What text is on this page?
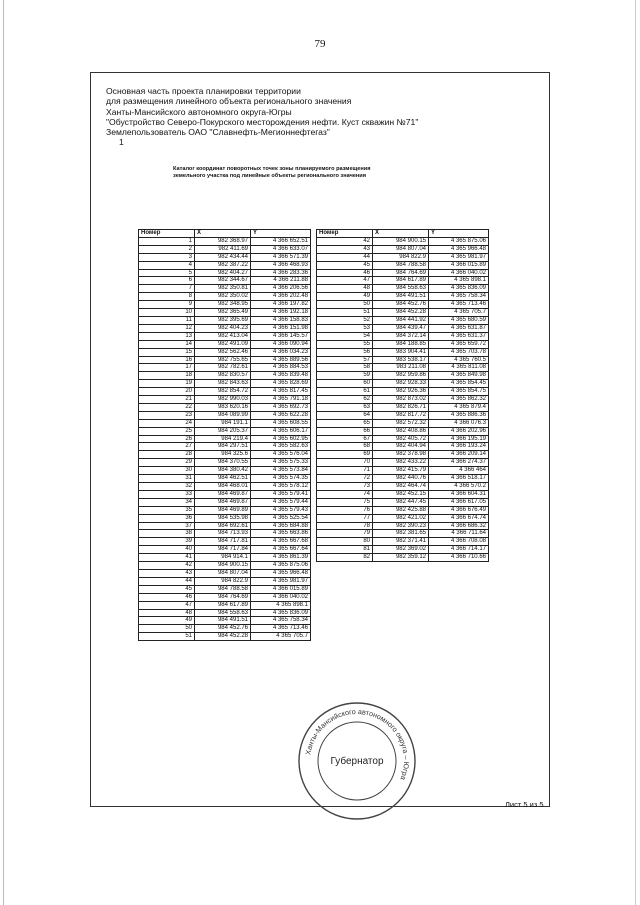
79
Основная часть проекта планировки территории
для размещения линейного объекта регионального значения
Ханты-Мансийского автономного округа-Югры
"Обустройство Северо-Покурского месторождения нефти. Куст скважин №71"
Землепользователь ОАО "Славнефть-Мегионнефтегаз"
1
Каталог координат поворотных точек зоны планируемого размещения
земельного участка под линейные объекты регионального значения
Номер	X	Y
1	982 368.97	4 366 652.51
2	982 411.69	4 366 633.07
3	982 434.44	4 366 571.39
4	982 387.22	4 366 468.93
5	982 404.27	4 366 283.36
6	982 344.67	4 366 211.88
7	982 350.81	4 366 206.56
8	982 350.02	4 366 202.48
9	982 348.95	4 366 197.82
10	982 365.49	4 366 192.18
11	982 395.69	4 366 158.83
12	982 404.23	4 366 151.98
13	982 413.04	4 366 145.57
14	982 491.09	4 366 090.94
15	982 562.46	4 366 034.23
16	982 755.65	4 365 889.56
17	982 782.61	4 365 884.53
18	982 830.57	4 365 839.48
19	982 843.63	4 365 828.69
20	982 854.72	4 365 817.45
21	982 990.03	4 365 791.18
22	983 620.16	4 365 692.73
23	984 089.99	4 365 622.28
24	984 191.1	4 365 608.55
25	984 205.37	4 365 606.17
26	984 219.4	4 365 602.95
27	984 297.51	4 365 582.63
28	984 325.6	4 365 576.04
29	984 370.55	4 365 575.33
30	984 380.42	4 365 573.84
31	984 462.51	4 365 574.35
32	984 468.01	4 365 578.12
33	984 469.87	4 365 579.41
34	984 469.87	4 365 579.44
35	984 469.89	4 365 579.43
36	984 535.98	4 365 525.54
37	984 692.61	4 365 684.88
38	984 713.93	4 365 663.86
39	984 717.81	4 365 667.68
40	984 717.84	4 365 667.64
41	984 914.1	4 365 861.39
42	984 900.15	4 365 875.06
43	984 807.04	4 365 966.48
44	984 822.9	4 365 981.97
45	984 788.58	4 366 015.89
46	984 764.69	4 366 040.02
47	984 617.89	4 365 898.1
48	984 558.63	4 365 836.09
49	984 491.51	4 365 758.34
50	984 452.76	4 365 713.46
51	984 452.28	4 365 705.7
Номер	X	Y
42	984 900.15	4 365 875.06
43	984 807.04	4 365 966.48
44	984 822.9	4 365 981.97
45	984 788.58	4 366 015.89
46	984 764.69	4 366 040.02
47	984 617.89	4 365 898.1
48	984 558.63	4 365 836.09
49	984 491.51	4 365 758.34
50	984 452.76	4 365 713.46
51	984 452.28	4 365 705.7
52	984 441.92	4 365 680.59
53	984 439.47	4 365 631.87
54	984 372.14	4 365 631.37
55	984 188.85	4 365 659.72
56	983 904.41	4 365 703.78
57	983 538.17	4 365 760.5
58	983 211.08	4 365 811.08
59	982 959.86	4 365 849.98
60	982 928.33	4 365 854.45
61	982 926.36	4 365 854.75
62	982 873.02	4 365 862.32
63	982 826.71	4 365 879.4
64	982 817.72	4 365 886.36
65	982 572.32	4 366 076.3
66	982 408.86	4 366 202.96
67	982 405.72	4 366 195.19
68	982 404.94	4 366 193.24
69	982 378.98	4 366 209.14
70	982 433.22	4 366 274.37
71	982 415.79	4 366 464
72	982 440.76	4 366 518.17
73	982 464.74	4 366 570.2
74	982 452.15	4 366 604.31
75	982 447.45	4 366 617.05
76	982 425.88	4 366 676.49
77	982 421.02	4 366 674.74
78	982 390.23	4 366 686.32
79	982 381.65	4 366 711.64
80	982 371.41	4 366 708.08
81	982 369.02	4 366 714.17
82	982 359.12	4 366 710.66
Ханты-Мансийского автономного округа – Югра
Губернатор
Лист 5 из 5
